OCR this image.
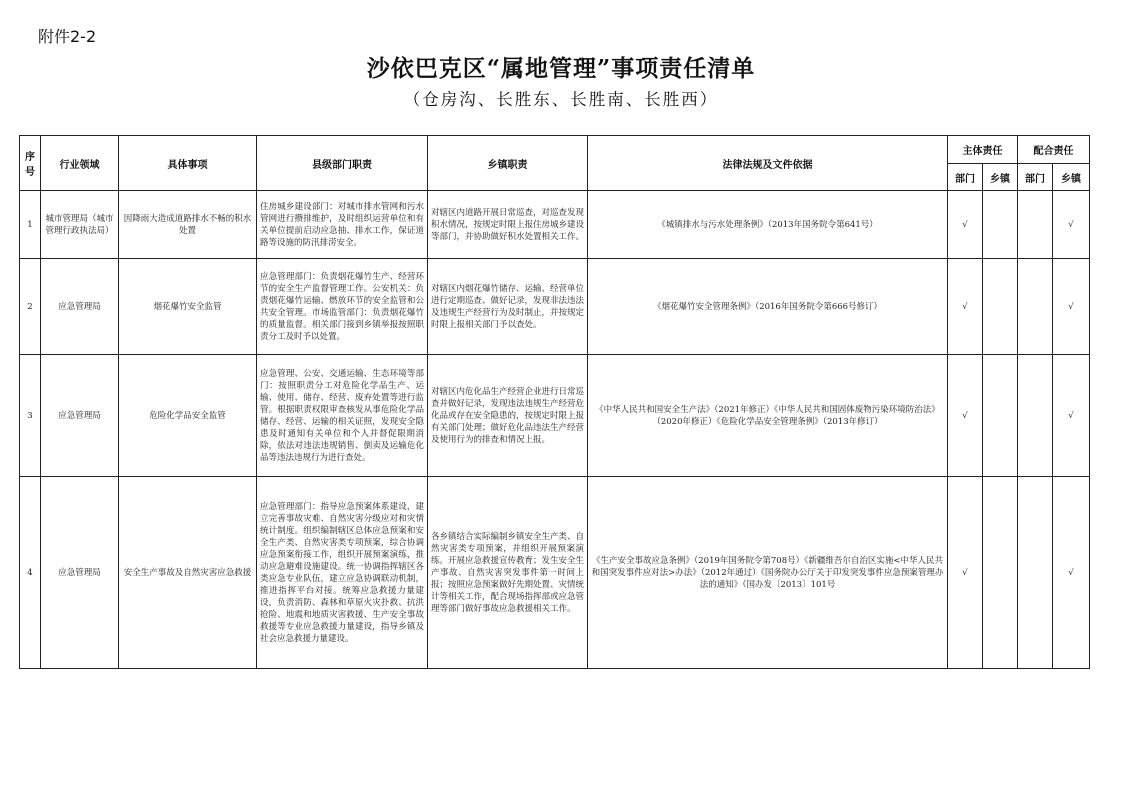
附件2-2
沙依巴克区“属地管理”事项责任清单
（仓房沟、长胜东、长胜南、长胜西）
序号	行业领域	具体事项	县级部门职责	乡镇职责	法律法规及文件依据	主体责任		配合责任	
						部门	乡镇	部门	乡镇
1	城市管理局（城市管理行政执法局）	因降雨大造成道路排水不畅的积水处置	住房城乡建设部门：对城市排水管网和污水管网进行攒排维护，及时组织运营单位和有关单位提前启动应急抽、排水工作，保证道路等设施的防汛排涝安全。	对辖区内道路开展日常巡查，对巡查发现积水情况，按规定时限上报住房城乡建设等部门，并协助做好积水处置相关工作。	《城镇排水与污水处理条例》（2013年国务院令第641号）	√			√
2	应急管理局	烟花爆竹安全监管	应急管理部门：负责烟花爆竹生产、经营环节的安全生产监督管理工作。公安机关：负责烟花爆竹运输、燃放环节的安全监管和公共安全管理。市场监管部门：负责烟花爆竹的质量监督。相关部门接到乡镇举报按照职责分工及时予以处置。	对辖区内烟花爆竹储存、运输、经营单位进行定期巡查、做好记录，发现非法违法及违规生产经营行为及时制止，并按规定时限上报相关部门予以查处。	《烟花爆竹安全管理条例》（2016年国务院令第666号修订）	√			√
3	应急管理局	危险化学品安全监管	应急管理、公安、交通运输、生态环境等部门：按照职责分工对危险化学品生产、运输、使用、储存、经营、废弃处置等进行监管。根据职责权限审查核发从事危险化学品储存、经营、运输的相关证照，发现安全隐患及时通知有关单位和个人并督促限期消除，依法对违法违规销售、倒卖及运输危化品等违法违规行为进行查处。	对辖区内危化品生产经营企业进行日常巡查并做好记录，发现违法违规生产经营危化品或存在安全隐患的，按规定时限上报有关部门处理；做好危化品违法生产经营及使用行为的排查和情况上报。	《中华人民共和国安全生产法》（2021年修正）《中华人民共和国固体废物污染环境防治法》（2020年修正）《危险化学品安全管理条例》（2013年修订）	√			√
4	应急管理局	安全生产事故及自然灾害应急救援	应急管理部门：指导应急预案体系建设，建立完善事故灾难、自然灾害分级应对和灾情统计制度。组织编制辖区总体应急预案和安全生产类、自然灾害类专项预案，综合协调应急预案衔接工作，组织开展预案演练，推动应急避难设施建设。统一协调指挥辖区各类应急专业队伍，建立应急协调联动机制，推进指挥平台对接。统筹应急救援力量建设，负责消防、森林和草原火灾扑救、抗洪抢险、地震和地质灾害救援、生产安全事故救援等专业应急救援力量建设，指导乡镇及社会应急救援力量建设。	各乡镇结合实际编制乡镇安全生产类、自然灾害类专项预案，并组织开展预案演练。开展应急救援宣传教育；发生安全生产事故、自然灾害突发事件第一时间上报；按照应急预案做好先期处置、灾情统计等相关工作，配合现场指挥部或应急管理等部门做好事故应急救援相关工作。	《生产安全事故应急条例》（2019年国务院令第708号）《新疆维吾尔自治区实施<中华人民共和国突发事件应对法>办法》（2012年通过）《国务院办公厅关于印发突发事件应急预案管理办法的通知》（国办发〔2013〕101号	√			√
